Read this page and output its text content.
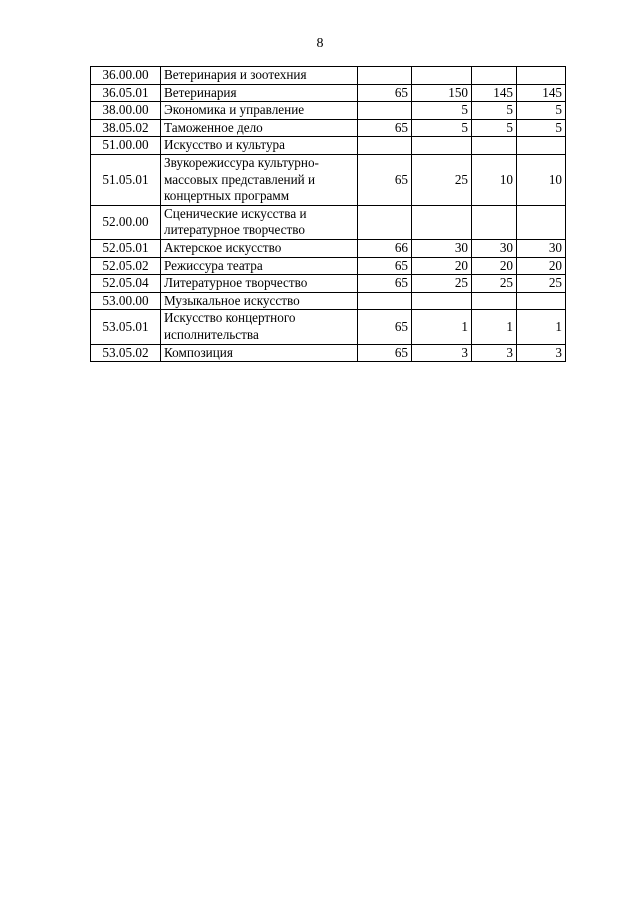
8
36.00.00	Ветеринария и зоотехния				

36.05.01	Ветеринария	65	150	145	145
38.00.00	Экономика и управление		5	5	5
38.05.02	Таможенное дело	65	5	5	5
51.00.00	Искусство и культура				

51.05.01	Звукорежиссура культурно-
массовых представлений и
концертных программ	65	25	10	10
52.00.00	Сценические искусства и
литературное творчество				

52.05.01	Актерское искусство	66	30	30	30
52.05.02	Режиссура театра	65	20	20	20
52.05.04	Литературное творчество	65	25	25	25
53.00.00	Музыкальное искусство				

53.05.01	Искусство концертного
исполнительства	65	1	1	1
53.05.02	Композиция	65	3	3	3
